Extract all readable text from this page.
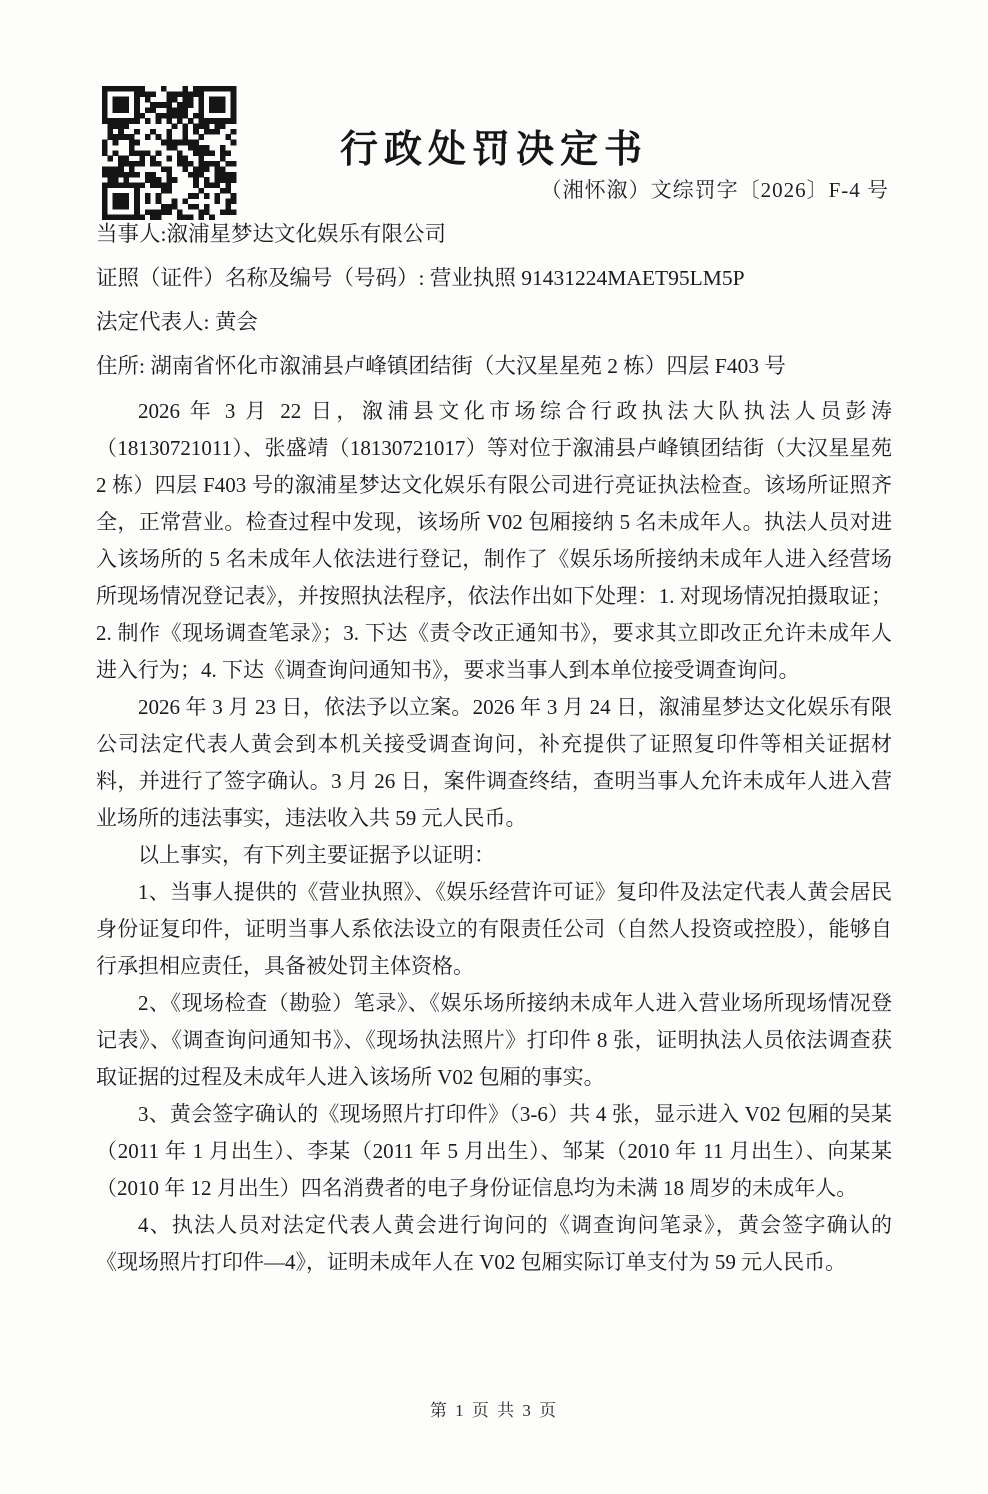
行政处罚决定书
（湘怀溆）文综罚字〔2026〕F-4 号
当事人:溆浦星梦达文化娱乐有限公司
证照（证件）名称及编号（号码）: 营业执照 91431224MAET95LM5P
法定代表人: 黄会
住所: 湖南省怀化市溆浦县卢峰镇团结街（大汉星星苑 2 栋）四层 F403 号

2026 年 3 月 22 日，溆浦县文化市场综合行政执法大队执法人员彭涛（18130721011）、张盛靖（18130721017）等对位于溆浦县卢峰镇团结街（大汉星星苑 2 栋）四层 F403 号的溆浦星梦达文化娱乐有限公司进行亮证执法检查。该场所证照齐全，正常营业。检查过程中发现，该场所 V02 包厢接纳 5 名未成年人。执法人员对进入该场所的 5 名未成年人依法进行登记，制作了《娱乐场所接纳未成年人进入经营场所现场情况登记表》，并按照执法程序，依法作出如下处理：1. 对现场情况拍摄取证；2. 制作《现场调查笔录》；3. 下达《责令改正通知书》，要求其立即改正允许未成年人进入行为；4. 下达《调查询问通知书》，要求当事人到本单位接受调查询问。

2026 年 3 月 23 日，依法予以立案。2026 年 3 月 24 日，溆浦星梦达文化娱乐有限公司法定代表人黄会到本机关接受调查询问，补充提供了证照复印件等相关证据材料，并进行了签字确认。3 月 26 日，案件调查终结，查明当事人允许未成年人进入营业场所的违法事实，违法收入共 59 元人民币。

以上事实，有下列主要证据予以证明：

1、当事人提供的《营业执照》、《娱乐经营许可证》复印件及法定代表人黄会居民身份证复印件，证明当事人系依法设立的有限责任公司（自然人投资或控股），能够自行承担相应责任，具备被处罚主体资格。

2、《现场检查（勘验）笔录》、《娱乐场所接纳未成年人进入营业场所现场情况登记表》、《调查询问通知书》、《现场执法照片》打印件 8 张，证明执法人员依法调查获取证据的过程及未成年人进入该场所 V02 包厢的事实。

3、黄会签字确认的《现场照片打印件》（3-6）共 4 张，显示进入 V02 包厢的吴某（2011 年 1 月出生）、李某（2011 年 5 月出生）、邹某（2010 年 11 月出生）、向某某（2010 年 12 月出生）四名消费者的电子身份证信息均为未满 18 周岁的未成年人。

4、执法人员对法定代表人黄会进行询问的《调查询问笔录》，黄会签字确认的《现场照片打印件—4》，证明未成年人在 V02 包厢实际订单支付为 59 元人民币。

第 1 页 共 3 页
